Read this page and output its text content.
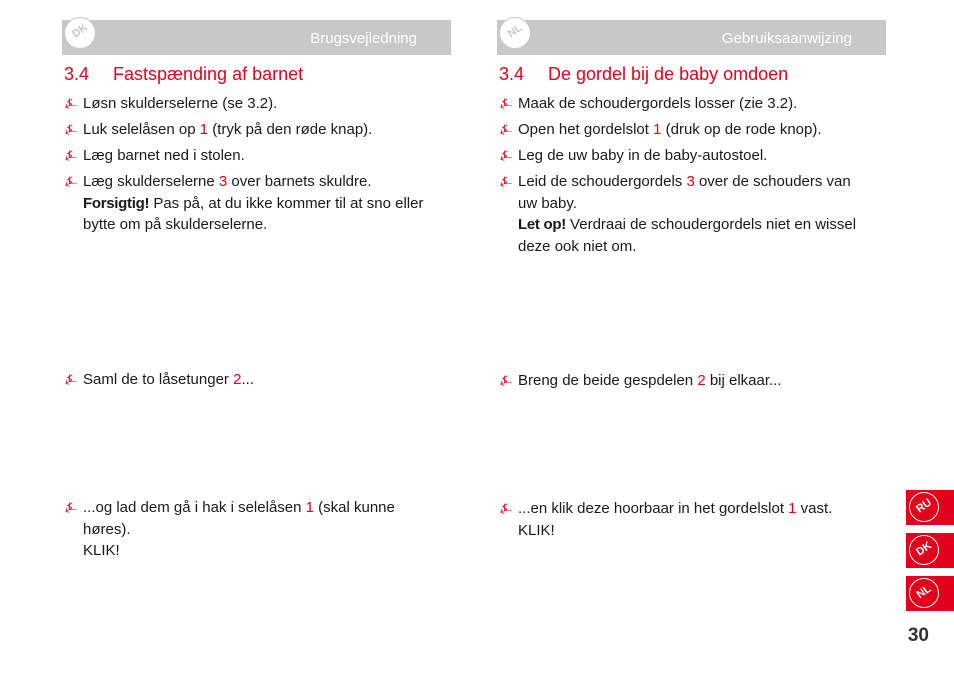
DK	Brugsvejledning
3.4 Fastspænding af barnet
⍼ Løsn skulderselerne (se 3.2).
⍼ Luk selelåsen op 1 (tryk på den røde knap).
⍼ Læg barnet ned i stolen.
⍼ Læg skulderselerne 3 over barnets skuldre.
Forsigtig! Pas på, at du ikke kommer til at sno eller bytte om på skulderselerne.
⍼ Saml de to låsetunger 2...
⍼ ...og lad dem gå i hak i selelåsen 1 (skal kunne høres).
KLIK!
NL	Gebruiksaanwijzing
3.4 De gordel bij de baby omdoen
⍼ Maak de schoudergordels losser (zie 3.2).
⍼ Open het gordelslot 1 (druk op de rode knop).
⍼ Leg de uw baby in de baby-autostoel.
⍼ Leid de schoudergordels 3 over de schouders van uw baby.
Let op! Verdraai de schoudergordels niet en wissel deze ook niet om.
⍼ Breng de beide gespdelen 2 bij elkaar...
⍼ ...en klik deze hoorbaar in het gordelslot 1 vast.
KLIK!
RU
DK
NL
30
